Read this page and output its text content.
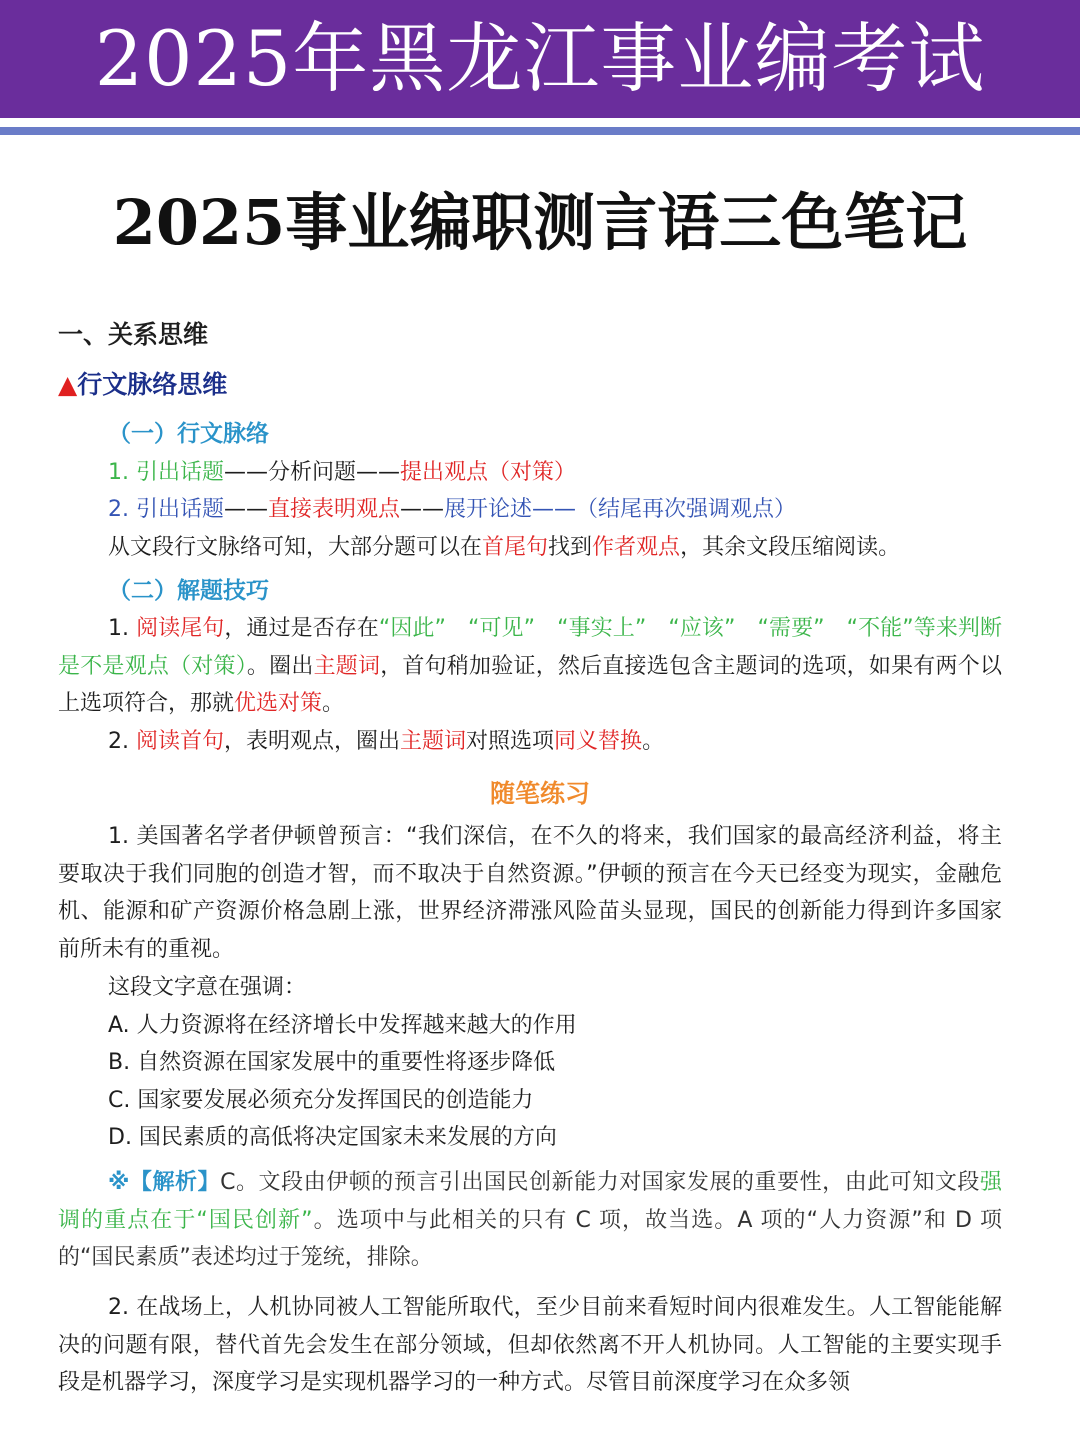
2025年黑龙江事业编考试
2025事业编职测言语三色笔记
一、关系思维
▲行文脉络思维
（一）行文脉络
1. 引出话题——分析问题——提出观点（对策）
2. 引出话题——直接表明观点——展开论述——（结尾再次强调观点）
从文段行文脉络可知，大部分题可以在首尾句找到作者观点，其余文段压缩阅读。
（二）解题技巧
1. 阅读尾句，通过是否存在“因此”　“可见”　“事实上”　“应该”　“需要”　“不能”等来判断是不是观点（对策）。圈出主题词，首句稍加验证，然后直接选包含主题词的选项，如果有两个以上选项符合，那就优选对策。
2. 阅读首句，表明观点，圈出主题词对照选项同义替换。
随笔练习
1. 美国著名学者伊顿曾预言：“我们深信，在不久的将来，我们国家的最高经济利益，将主要取决于我们同胞的创造才智，而不取决于自然资源。”伊顿的预言在今天已经变为现实，金融危机、能源和矿产资源价格急剧上涨，世界经济滞涨风险苗头显现，国民的创新能力得到许多国家前所未有的重视。
这段文字意在强调：
A. 人力资源将在经济增长中发挥越来越大的作用
B. 自然资源在国家发展中的重要性将逐步降低
C. 国家要发展必须充分发挥国民的创造能力
D. 国民素质的高低将决定国家未来发展的方向
※【解析】C。文段由伊顿的预言引出国民创新能力对国家发展的重要性，由此可知文段强调的重点在于“国民创新”。选项中与此相关的只有 C 项，故当选。A 项的“人力资源”和 D 项的“国民素质”表述均过于笼统，排除。
2. 在战场上，人机协同被人工智能所取代，至少目前来看短时间内很难发生。人工智能能解决的问题有限，替代首先会发生在部分领域，但却依然离不开人机协同。人工智能的主要实现手段是机器学习，深度学习是实现机器学习的一种方式。尽管目前深度学习在众多领
